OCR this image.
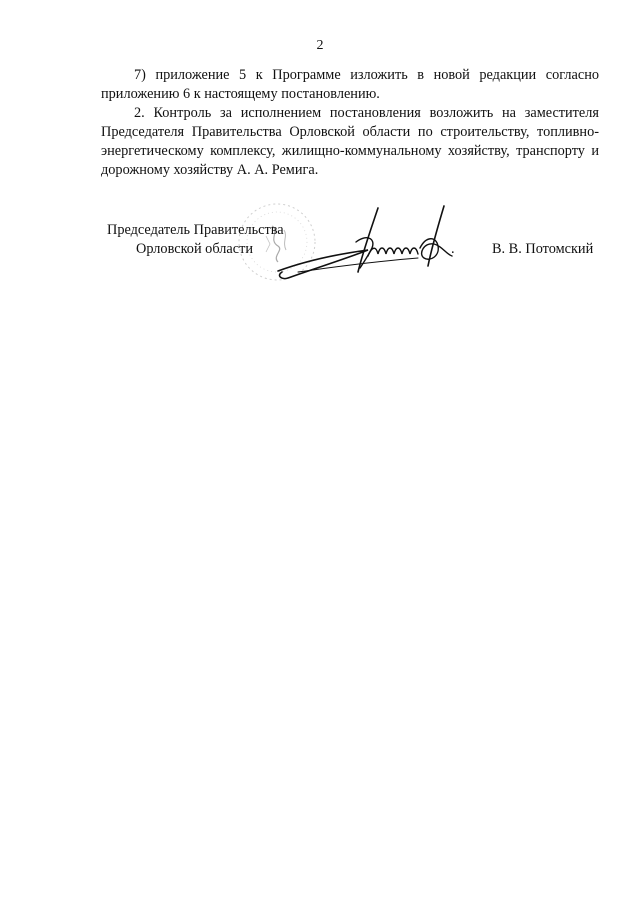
2

7) приложение 5 к Программе изложить в новой редакции согласно приложению 6 к настоящему постановлению.

2. Контроль за исполнением постановления возложить на заместителя Председателя Правительства Орловской области по строительству, топливно-энергетическому комплексу, жилищно-коммунальному хозяйству, транспорту и дорожному хозяйству А. А. Ремига.

Председатель Правительства
Орловской области	.	В. В. Потомский
